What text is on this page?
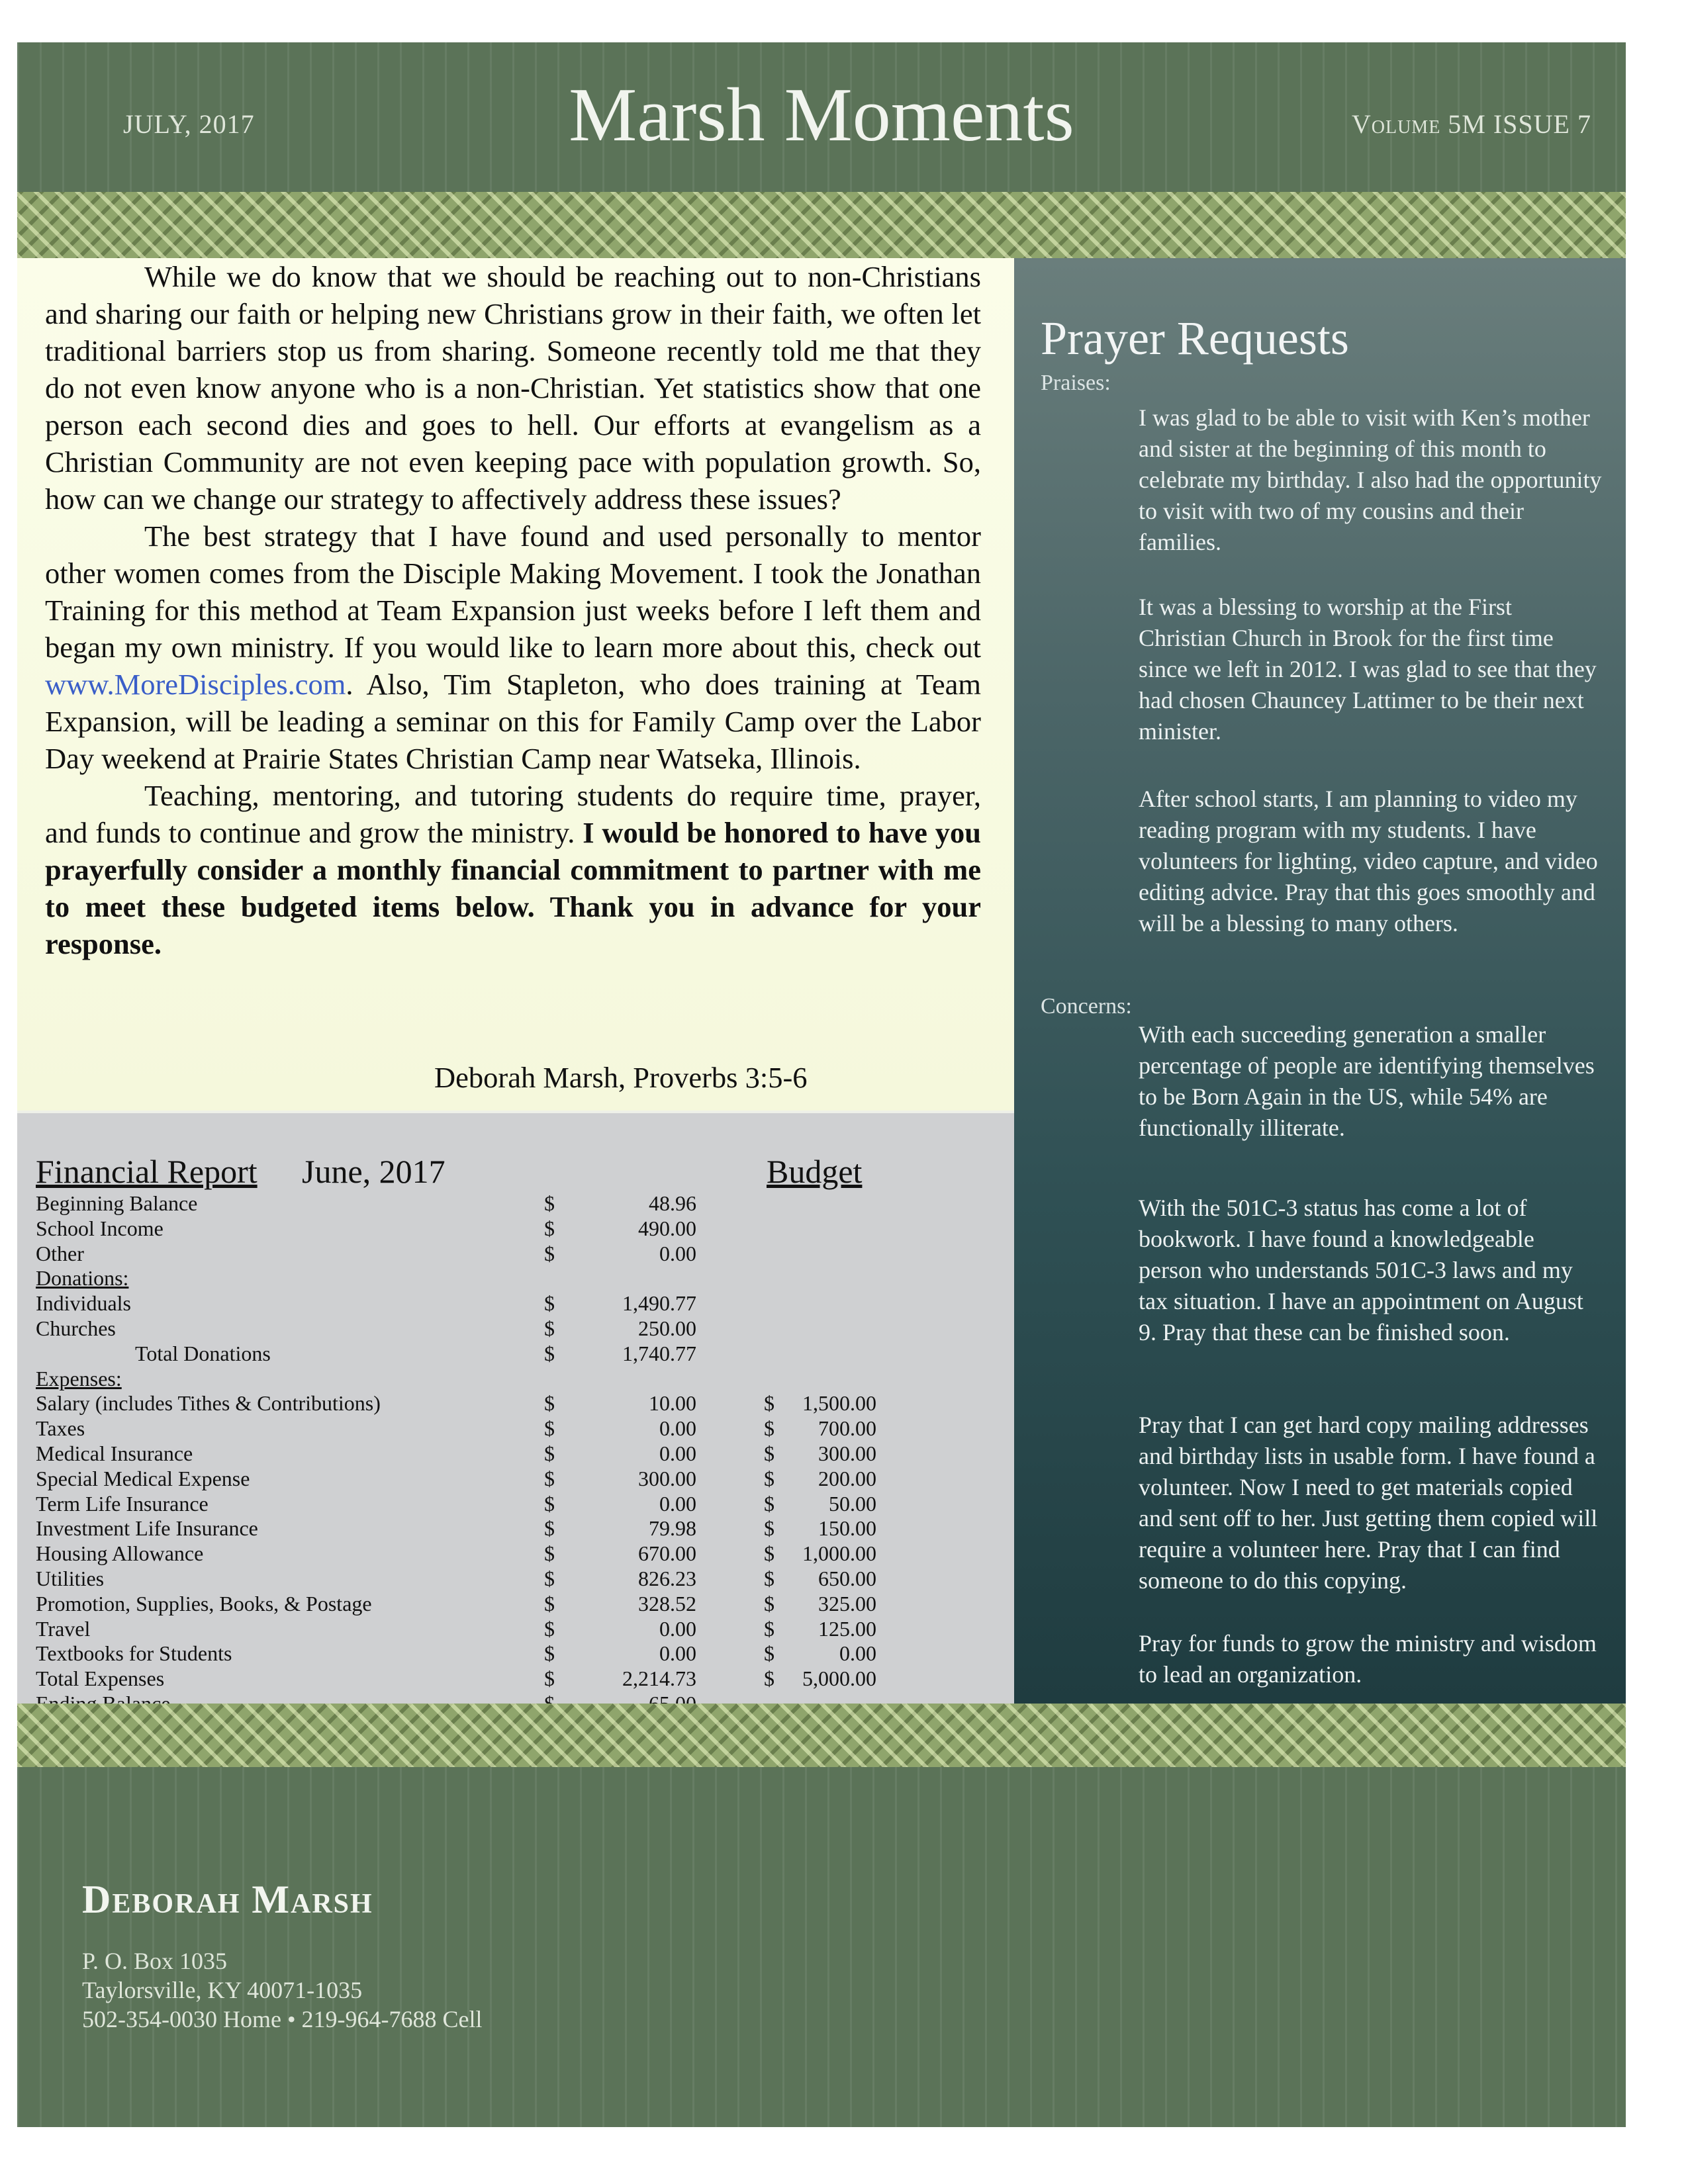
JULY, 2017	Marsh Moments	Volume 5M ISSUE 7

While we do know that we should be reaching out to non-Christians and sharing our faith or helping new Christians grow in their faith, we often let traditional barriers stop us from sharing. Someone recently told me that they do not even know anyone who is a non-Christian. Yet statistics show that one person each second dies and goes to hell. Our efforts at evangelism as a Christian Community are not even keeping pace with population growth. So, how can we change our strategy to affectively address these issues?

The best strategy that I have found and used personally to mentor other women comes from the Disciple Making Movement. I took the Jonathan Training for this method at Team Expansion just weeks before I left them and began my own ministry. If you would like to learn more about this, check out www.MoreDisciples.com. Also, Tim Stapleton, who does training at Team Expansion, will be leading a seminar on this for Family Camp over the Labor Day weekend at Prairie States Christian Camp near Watseka, Illinois.

Teaching, mentoring, and tutoring students do require time, prayer, and funds to continue and grow the ministry. I would be honored to have you prayerfully consider a monthly financial commitment to partner with me to meet these budgeted items below. Thank you in advance for your response.

Deborah Marsh, Proverbs 3:5-6
Financial Report June, 2017	Budget
Beginning Balance	$	48.96
School Income	$	490.00
Other	$	0.00
Donations:
Individuals	$	1,490.77
Churches	$	250.00
Total Donations	$	1,740.77
Expenses:
Salary (includes Tithes & Contributions)	$	10.00	$ 1,500.00
Taxes	$	0.00	$ 700.00
Medical Insurance	$	0.00	$ 300.00
Special Medical Expense	$	300.00	$ 200.00
Term Life Insurance	$	0.00	$	50.00
Investment Life Insurance	$	79.98	$ 150.00
Housing Allowance	$	670.00	$ 1,000.00
Utilities	$	826.23	$ 650.00
Promotion, Supplies, Books, & Postage	$	328.52	$ 325.00
Travel	$	0.00	$ 125.00
Textbooks for Students	$	0.00	$	0.00
Total Expenses	$	2,214.73	$ 5,000.00
Prayer Requests
Praises:
I was glad to be able to visit with Ken’s mother and sister at the beginning of this month to celebrate my birthday. I also had the opportunity to visit with two of my cousins and their families.
It was a blessing to worship at the First Christian Church in Brook for the first time since we left in 2012. I was glad to see that they had chosen Chauncey Lattimer to be their next minister.
After school starts, I am planning to video my reading program with my students. I have volunteers for lighting, video capture, and video editing advice. Pray that this goes smoothly and will be a blessing to many others.
Concerns:
With each succeeding generation a smaller percentage of people are identifying themselves to be Born Again in the US, while 54% are functionally illiterate.
With the 501C-3 status has come a lot of bookwork. I have found a knowledgeable person who understands 501C-3 laws and my tax situation. I have an appointment on August 9. Pray that these can be finished soon.
Pray that I can get hard copy mailing addresses and birthday lists in usable form. I have found a volunteer. Now I need to get materials copied and sent off to her. Just getting them copied will require a volunteer here. Pray that I can find someone to do this copying.
Pray for funds to grow the ministry and wisdom to lead an organization.
Deborah Marsh
P. O. Box 1035
Taylorsville, KY 40071-1035
502-354-0030 Home • 219-964-7688 Cell
